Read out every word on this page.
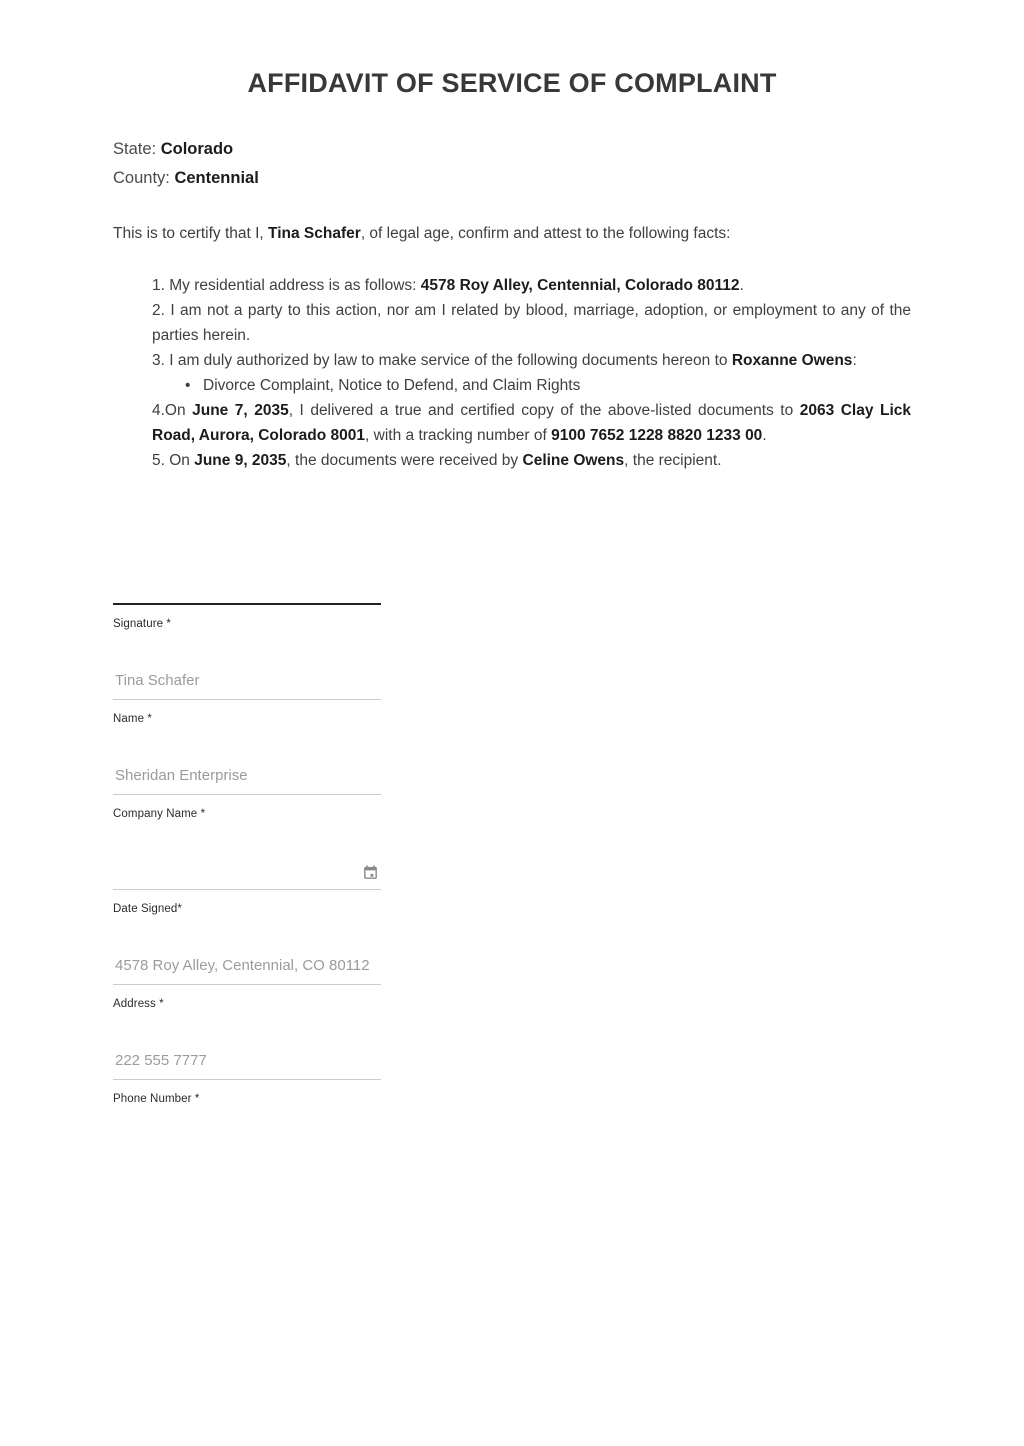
AFFIDAVIT OF SERVICE OF COMPLAINT

State: Colorado

County: Centennial

This is to certify that I, Tina Schafer, of legal age, confirm and attest to the following facts:

1. My residential address is as follows: 4578 Roy Alley, Centennial, Colorado 80112.

2. I am not a party to this action, nor am I related by blood, marriage, adoption, or employment to any of the parties herein.

3. I am duly authorized by law to make service of the following documents hereon to Roxanne Owens:

• Divorce Complaint, Notice to Defend, and Claim Rights

4.On June 7, 2035, I delivered a true and certified copy of the above-listed documents to 2063 Clay Lick Road, Aurora, Colorado 8001, with a tracking number of 9100 7652 1228 8820 1233 00.

5. On June 9, 2035, the documents were received by Celine Owens, the recipient.

Signature *
Tina Schafer
Name *
Sheridan Enterprise
Company Name *
Date Signed*
4578 Roy Alley, Centennial, CO 80112
Address *
222 555 7777
Phone Number *
